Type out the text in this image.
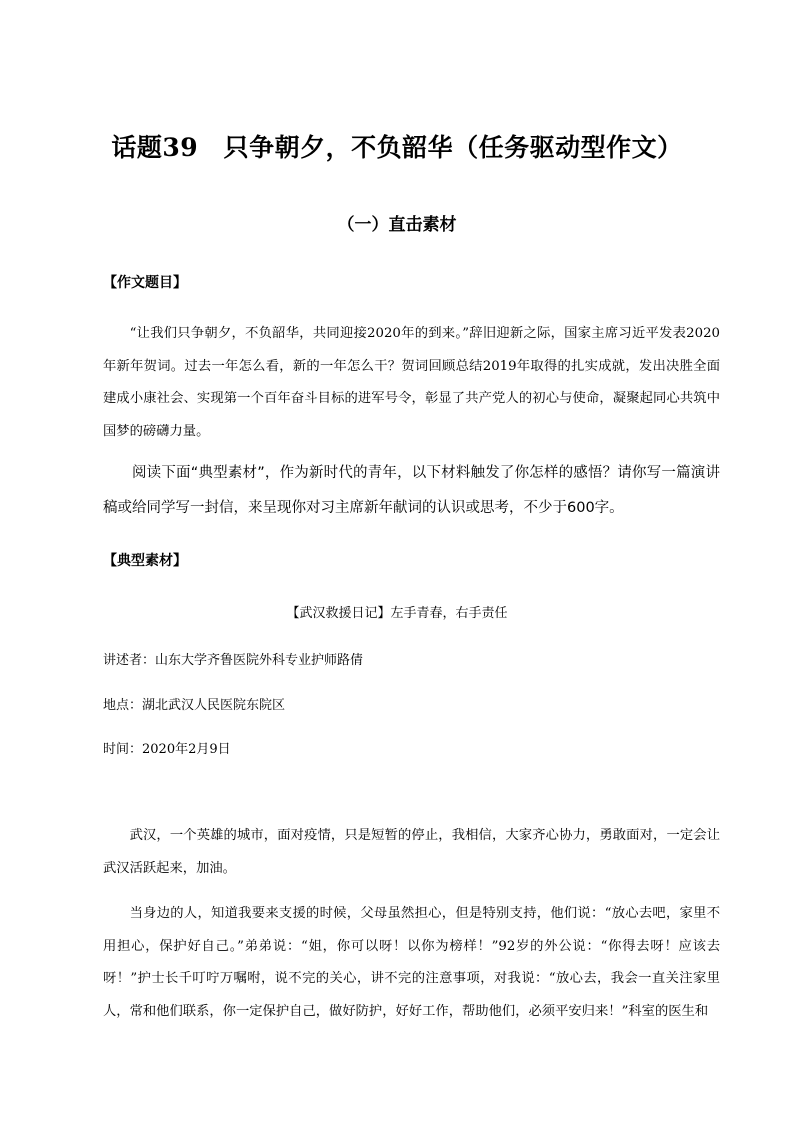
话题39　只争朝夕，不负韶华（任务驱动型作文）
（一）直击素材
【作文题目】
“让我们只争朝夕，不负韶华，共同迎接2020年的到来。”辞旧迎新之际，国家主席习近平发表2020年新年贺词。过去一年怎么看，新的一年怎么干？贺词回顾总结2019年取得的扎实成就，发出决胜全面建成小康社会、实现第一个百年奋斗目标的进军号令，彰显了共产党人的初心与使命，凝聚起同心共筑中国梦的磅礴力量。
阅读下面“典型素材”，作为新时代的青年，以下材料触发了你怎样的感悟？请你写一篇演讲稿或给同学写一封信，来呈现你对习主席新年献词的认识或思考，不少于600字。
【典型素材】
【武汉救援日记】左手青春，右手责任
讲述者：山东大学齐鲁医院外科专业护师路倩
地点：湖北武汉人民医院东院区
时间：2020年2月9日
武汉，一个英雄的城市，面对疫情，只是短暂的停止，我相信，大家齐心协力，勇敢面对，一定会让武汉活跃起来，加油。
当身边的人，知道我要来支援的时候，父母虽然担心，但是特别支持，他们说：“放心去吧，家里不用担心，保护好自己。”弟弟说：“姐，你可以呀！以你为榜样！”92岁的外公说：“你得去呀！应该去呀！”护士长千叮咛万嘱咐，说不完的关心，讲不完的注意事项，对我说：“放心去，我会一直关注家里人，常和他们联系，你一定保护自己，做好防护，好好工作，帮助他们，必须平安归来！”科室的医生和
